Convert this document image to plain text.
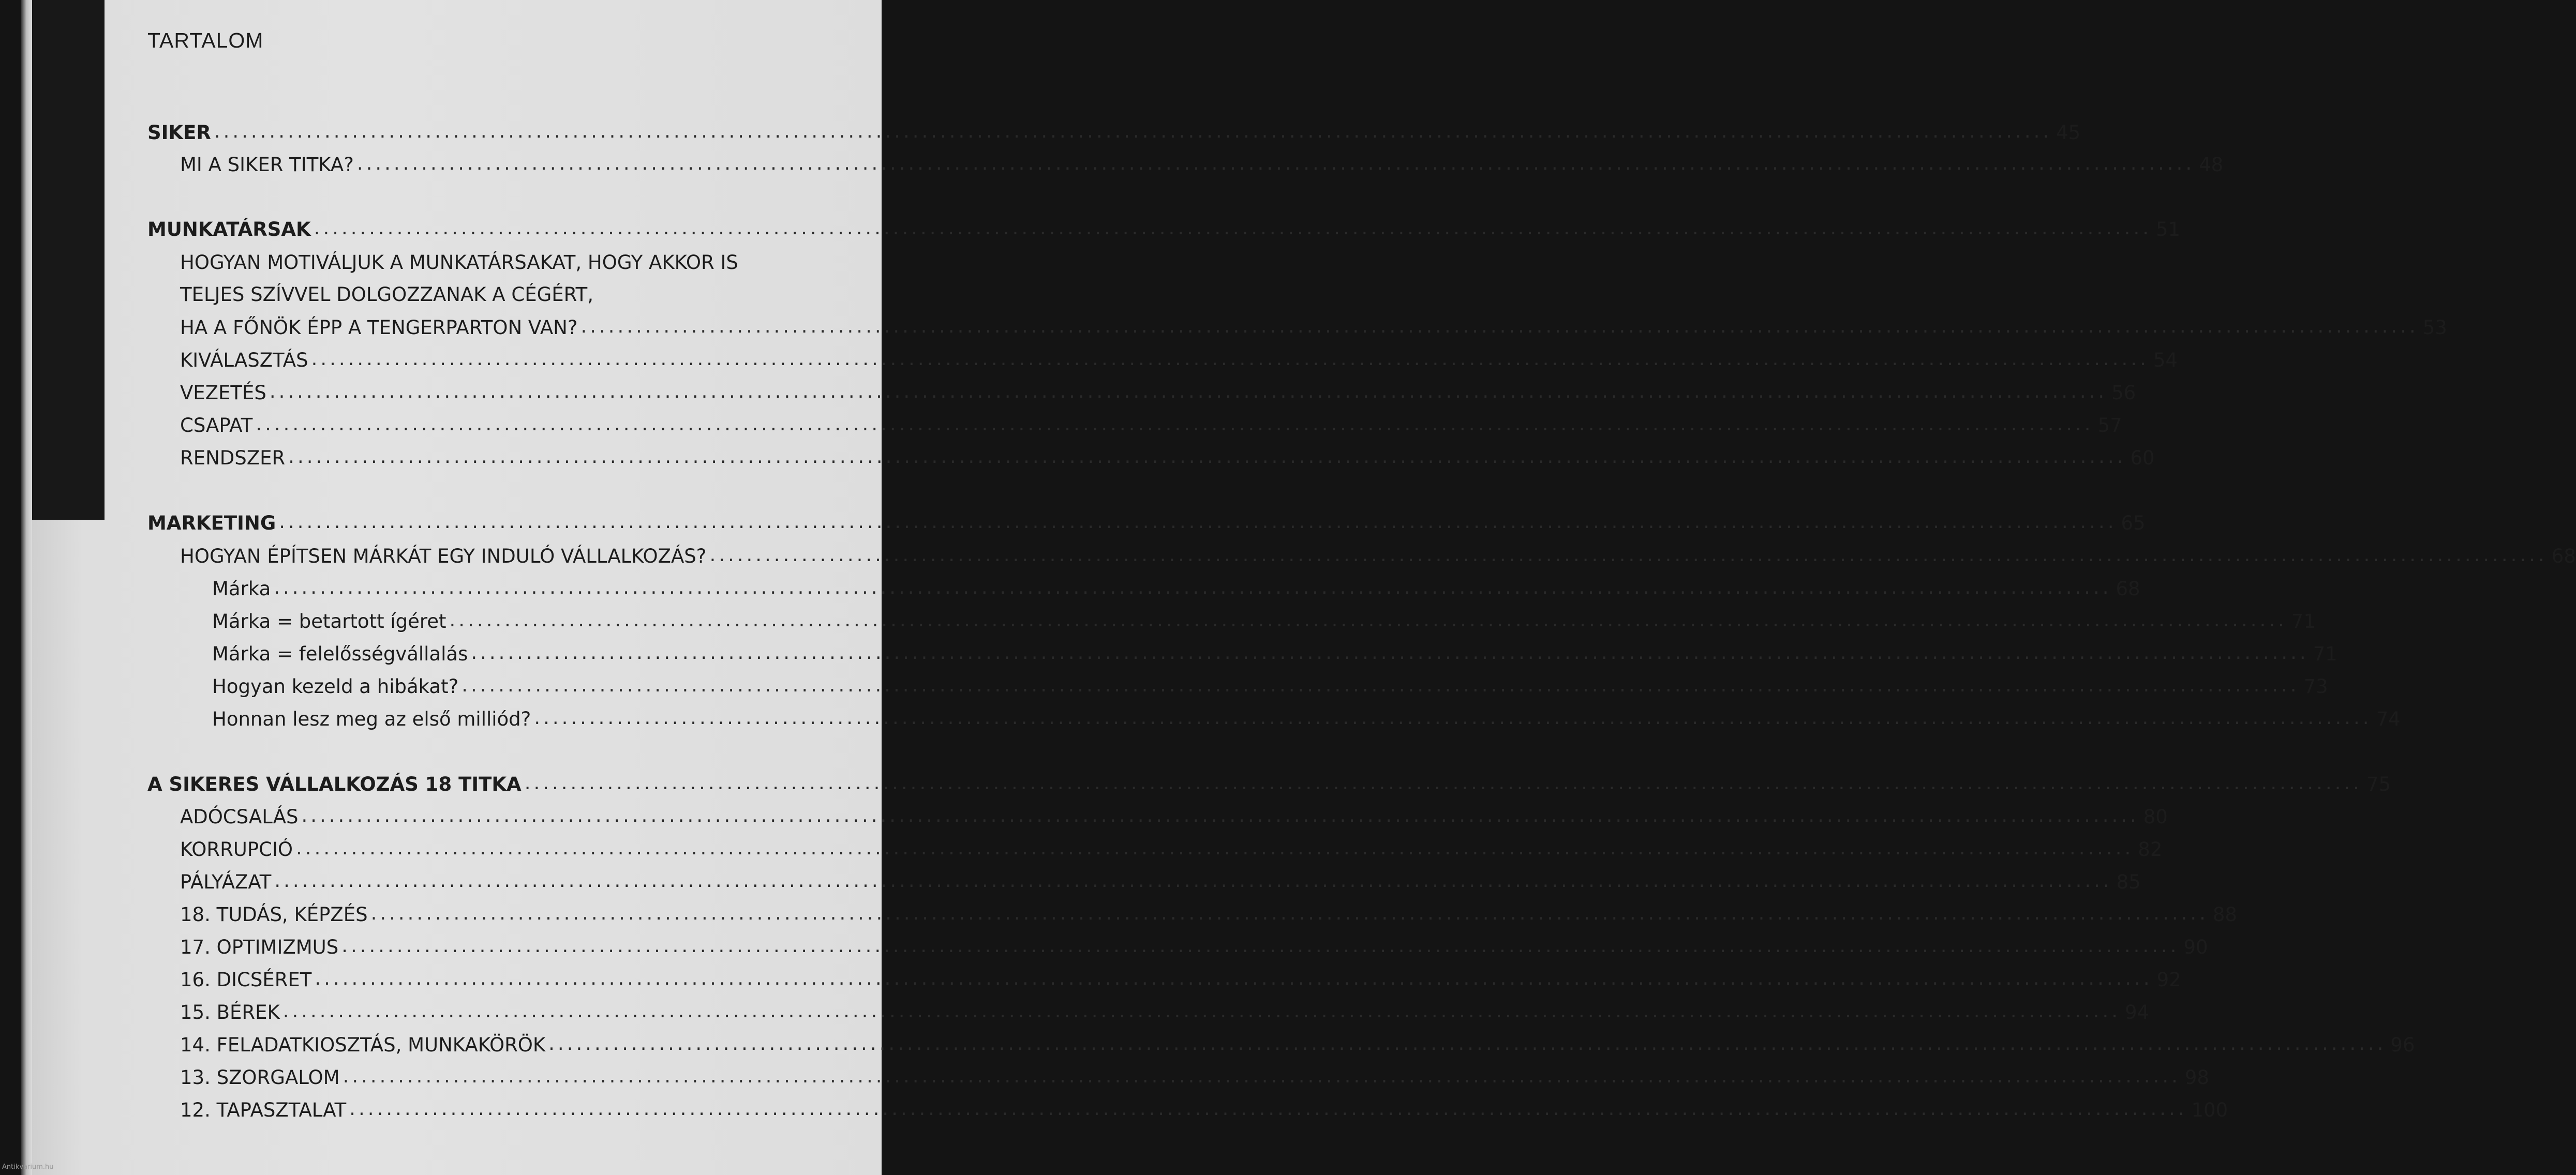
TARTALOM
SIKER ........................................................................................................................................................................................................ 45
MI A SIKER TITKA? ........................................................................................................................................................................................................ 48
MUNKATÁRSAK ........................................................................................................................................................................................................ 51
HOGYAN MOTIVÁLJUK A MUNKATÁRSAKAT, HOGY AKKOR IS
TELJES SZÍVVEL DOLGOZZANAK A CÉGÉRT,
HA A FŐNÖK ÉPP A TENGERPARTON VAN? ........................................................................................................................................................................................................ 53
KIVÁLASZTÁS ........................................................................................................................................................................................................ 54
VEZETÉS ........................................................................................................................................................................................................ 56
CSAPAT ........................................................................................................................................................................................................ 57
RENDSZER ........................................................................................................................................................................................................ 60
MARKETING ........................................................................................................................................................................................................ 65
HOGYAN ÉPÍTSEN MÁRKÁT EGY INDULÓ VÁLLALKOZÁS? ........................................................................................................................................................................................................ 68
Márka ........................................................................................................................................................................................................ 68
Márka = betartott ígéret ........................................................................................................................................................................................................ 71
Márka = felelősségvállalás ........................................................................................................................................................................................................ 71
Hogyan kezeld a hibákat? ........................................................................................................................................................................................................ 73
Honnan lesz meg az első milliód? ........................................................................................................................................................................................................ 74
A SIKERES VÁLLALKOZÁS 18 TITKA ........................................................................................................................................................................................................ 75
ADÓCSALÁS ........................................................................................................................................................................................................ 80
KORRUPCIÓ ........................................................................................................................................................................................................ 82
PÁLYÁZAT ........................................................................................................................................................................................................ 85
18. TUDÁS, KÉPZÉS ........................................................................................................................................................................................................ 88
17. OPTIMIZMUS ........................................................................................................................................................................................................ 90
16. DICSÉRET ........................................................................................................................................................................................................ 92
15. BÉREK ........................................................................................................................................................................................................ 94
14. FELADATKIOSZTÁS, MUNKAKÖRÖK ........................................................................................................................................................................................................ 96
13. SZORGALOM ........................................................................................................................................................................................................ 98
12. TAPASZTALAT ........................................................................................................................................................................................................ 100
Antikvarium.hu
